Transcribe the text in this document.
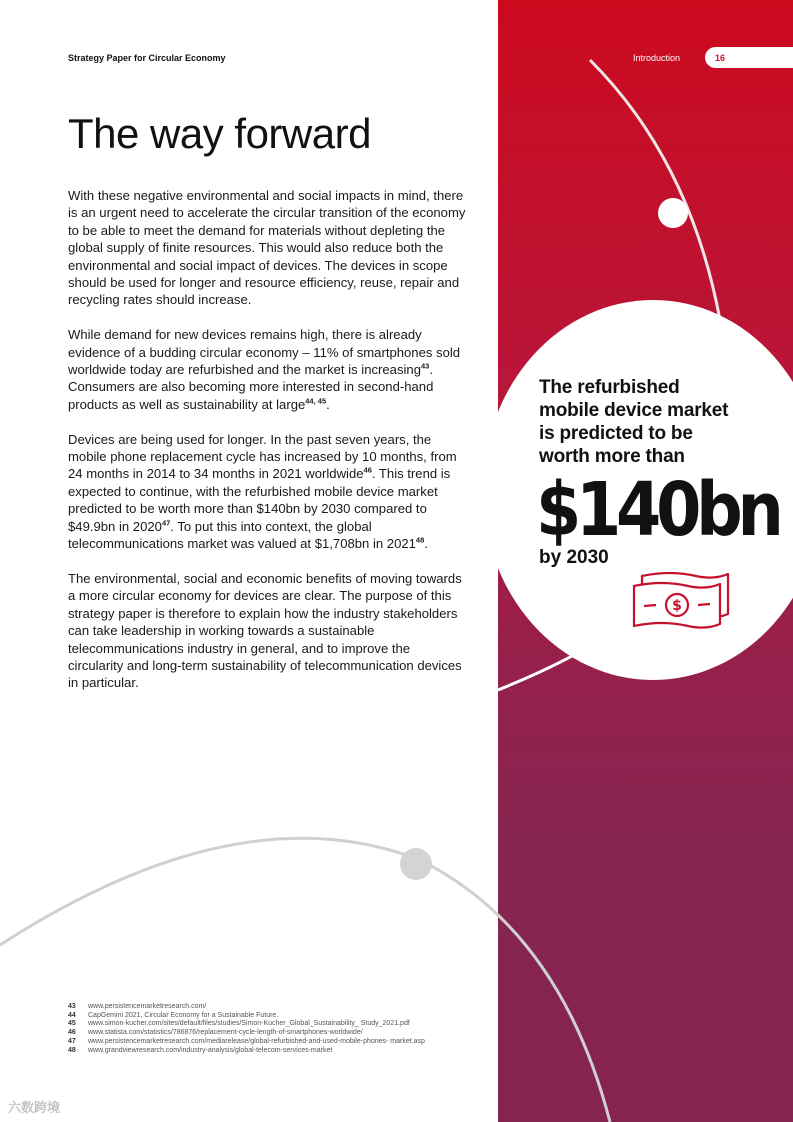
Strategy Paper for Circular Economy	Introduction	16
The way forward

With these negative environmental and social impacts in mind, there is an urgent need to accelerate the circular transition of the economy to be able to meet the demand for materials without depleting the global supply of finite resources. This would also reduce both the environmental and social impact of devices. The devices in scope should be used for longer and resource efficiency, reuse, repair and recycling rates should increase.

While demand for new devices remains high, there is already evidence of a budding circular economy – 11% of smartphones sold worldwide today are refurbished and the market is increasing$^{43}$. Consumers are also becoming more interested in second-hand products as well as sustainability at large$^{44, 45}$.

Devices are being used for longer. In the past seven years, the mobile phone replacement cycle has increased by 10 months, from 24 months in 2014 to 34 months in 2021 worldwide$^{46}$. This trend is expected to continue, with the refurbished mobile device market predicted to be worth more than $140bn by 2030 compared to $49.9bn in 2020$^{47}$. To put this into context, the global telecommunications market was valued at $1,708bn in 2021$^{48}$.

The environmental, social and economic benefits of moving towards a more circular economy for devices are clear. The purpose of this strategy paper is therefore to explain how the industry stakeholders can take leadership in working towards a sustainable telecommunications industry in general, and to improve the circularity and long-term sustainability of telecommunication devices in particular.

The refurbished
mobile device market
is predicted to be
worth more than
$140bn
by 2030
$
43	www.persistencemarketresearch.com/
44	CapGemini 2021, Circular Economy for a Sustainable Future.
45	www.simon-kucher.com/sites/default/files/studies/Simon-Kucher_Global_Sustainability_ Study_2021.pdf
46	www.statista.com/statistics/786876/replacement-cycle-length-of-smartphones-worldwide/
47	www.persistencemarketresearch.com/mediarelease/global-refurbished-and-used-mobile-phones- market.asp
48	www.grandviewresearch.com/industry-analysis/global-telecom-services-market
六数跨境
